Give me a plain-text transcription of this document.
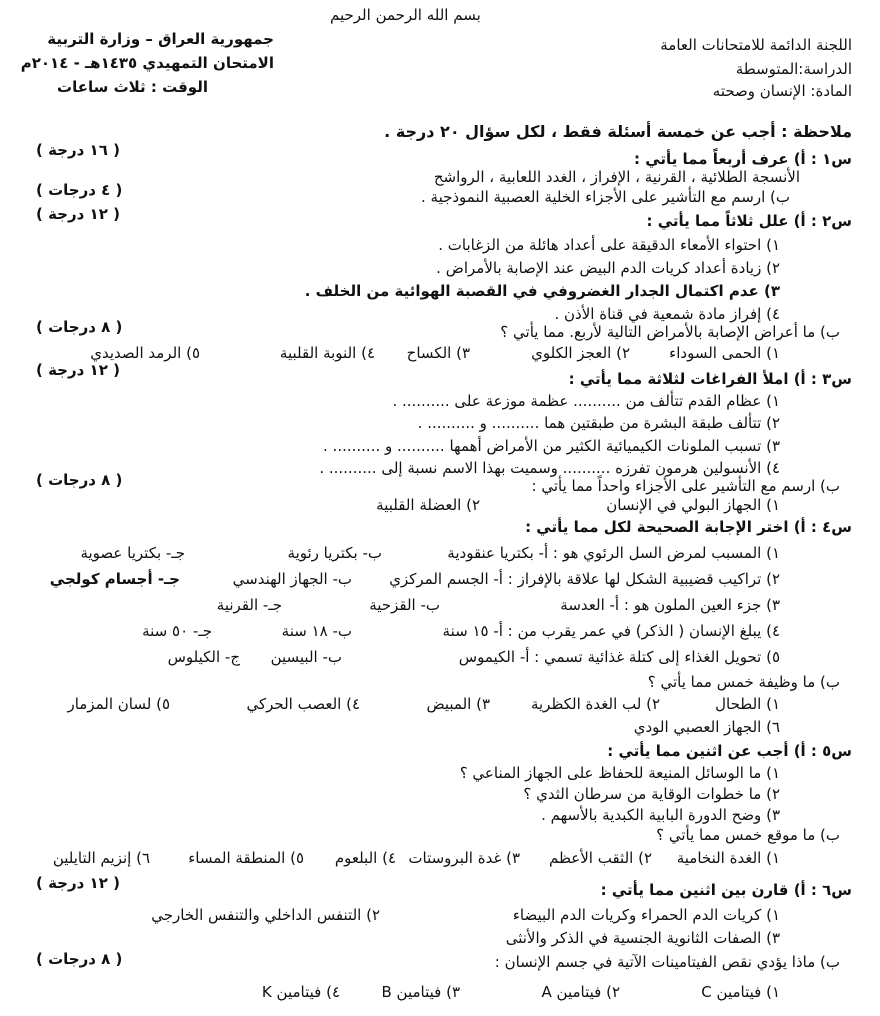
بسم الله الرحمن الرحيم
جمهورية العراق – وزارة التربية
الامتحان التمهيدي ١٤٣٥هـ - ٢٠١٤م
الوقت : ثلاث ساعات
اللجنة الدائمة للامتحانات العامة
الدراسة:المتوسطة
المادة: الإنسان وصحته
ملاحظة : أجب عن خمسة أسئلة فقط ، لكل سؤال ٢٠ درجة .
( ١٦ درجة )	س١ : أ) عرف أربعاً مما يأتي :
الأنسجة الطلائية ، القرنية ، الإفراز ، الغدد اللعابية ، الرواشح
( ٤ درجات )	ب) ارسم مع التأشير على الأجزاء الخلية العصبية النموذجية .
( ١٢ درجة )	س٢ : أ) علل ثلاثاً مما يأتي :
١) احتواء الأمعاء الدقيقة على أعداد هائلة من الزغابات .
٢) زيادة أعداد كريات الدم البيض عند الإصابة بالأمراض .
٣) عدم اكتمال الجدار الغضروفي في القصبة الهوائية من الخلف .
٤) إفراز مادة شمعية في قناة الأذن .
( ٨ درجات )	ب) ما أعراض الإصابة بالأمراض التالية لأربع. مما يأتي ؟
١) الحمى السوداء
٢) العجز الكلوي
٣) الكساح
٤) النوبة القلبية
٥) الرمد الصديدي
( ١٢ درجة )	س٣ : أ) املأ الفراغات لثلاثة مما يأتي :
١) عظام القدم تتألف من .......... عظمة موزعة على .......... .
٢) تتألف طبقة البشرة من طبقتين هما .......... و .......... .
٣) تسبب الملونات الكيميائية الكثير من الأمراض أهمها .......... و .......... .
٤) الأنسولين هرمون تفرزه .......... وسميت بهذا الاسم نسبة إلى .......... .
( ٨ درجات )	ب) ارسم مع التأشير على الأجزاء واحداً مما يأتي :
١) الجهاز البولي في الإنسان
٢) العضلة القلبية
س٤ : أ) اختر الإجابة الصحيحة لكل مما يأتي :
١) المسبب لمرض السل الرئوي هو : أ- بكتريا عنقودية
ب- بكتريا رئوية
جـ- بكتريا عصوية
٢) تراكيب قضيبية الشكل لها علاقة بالإفراز : أ- الجسم المركزي
ب- الجهاز الهندسي
جـ- أجسام كولجي
٣) جزء العين الملون هو : أ- العدسة
ب- القزحية
جـ- القرنية
٤) يبلغ الإنسان ( الذكر) في عمر يقرب من : أ- ١٥ سنة
ب- ١٨ سنة
جـ- ٥٠ سنة
٥) تحويل الغذاء إلى كتلة غذائية تسمي : أ- الكيموس
ب- البيسين
ج- الكيلوس
ب) ما وظيفة خمس مما يأتي ؟
١) الطحال
٢) لب الغدة الكظرية
٣) المبيض
٤) العصب الحركي
٥) لسان المزمار
٦) الجهاز العصبي الودي
س٥ : أ) أجب عن اثنين مما يأتي :
١) ما الوسائل المنيعة للحفاظ على الجهاز المناعي ؟
٢) ما خطوات الوقاية من سرطان الثدي ؟
٣) وضح الدورة البابية الكبدية بالأسهم .
ب) ما موقع خمس مما يأتي ؟
١) الغدة النخامية
٢) الثقب الأعظم
٣) غدة البروستات
٤) البلعوم
٥) المنطقة المساء
٦) إنزيم التايلين
( ١٢ درجة )	س٦ : أ) قارن بين اثنين مما يأتي :
١) كريات الدم الحمراء وكريات الدم البيضاء
٢) التنفس الداخلي والتنفس الخارجي
٣) الصفات الثانوية الجنسية في الذكر والأنثى
( ٨ درجات )	ب) ماذا يؤدي نقص الفيتامينات الآتية في جسم الإنسان :
١) فيتامين C
٢) فيتامين A
٣) فيتامين B
٤) فيتامين K
